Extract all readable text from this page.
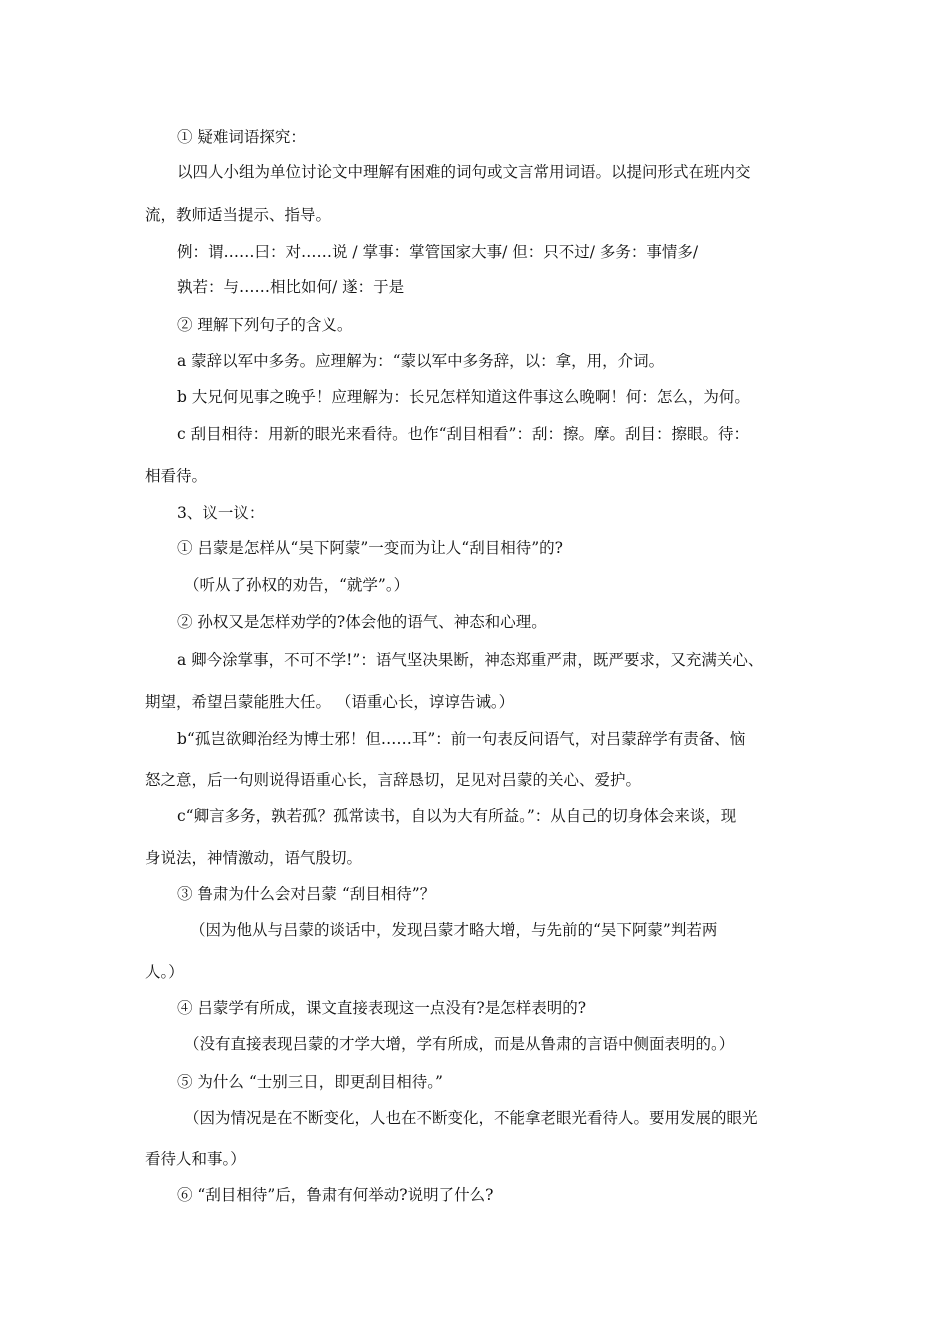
① 疑难词语探究：
以四人小组为单位讨论文中理解有困难的词句或文言常用词语。以提问形式在班内交
流，教师适当提示、指导。
例：谓……曰：对……说 / 掌事：掌管国家大事/ 但：只不过/ 多务：事情多/
孰若：与……相比如何/ 遂：于是
② 理解下列句子的含义。
a 蒙辞以军中多务。应理解为：“蒙以军中多务辞，以：拿，用，介词。
b 大兄何见事之晚乎！应理解为：长兄怎样知道这件事这么晚啊！何：怎么，为何。
c 刮目相待：用新的眼光来看待。也作“刮目相看”：刮：擦。摩。刮目：擦眼。待：
相看待。
3、议一议：
① 吕蒙是怎样从“吴下阿蒙”一变而为让人“刮目相待”的?
（听从了孙权的劝告，“就学”。）
② 孙权又是怎样劝学的?体会他的语气、神态和心理。
a 卿今涂掌事，不可不学!”：语气坚决果断，神态郑重严肃，既严要求，又充满关心、
期望，希望吕蒙能胜大任。 （语重心长，谆谆告诫。）
b“孤岂欲卿治经为博士邪！但……耳”：前一句表反问语气，对吕蒙辞学有责备、恼
怒之意，后一句则说得语重心长，言辞恳切，足见对吕蒙的关心、爱护。
c“卿言多务，孰若孤？孤常读书，自以为大有所益。”：从自己的切身体会来谈，现
身说法，神情激动，语气殷切。
③ 鲁肃为什么会对吕蒙 “刮目相待”？
（因为他从与吕蒙的谈话中，发现吕蒙才略大增，与先前的“吴下阿蒙”判若两
人。）
④ 吕蒙学有所成，课文直接表现这一点没有?是怎样表明的?
（没有直接表现吕蒙的才学大增，学有所成，而是从鲁肃的言语中侧面表明的。）
⑤ 为什么 “士别三日，即更刮目相待。”
（因为情况是在不断变化，人也在不断变化，不能拿老眼光看待人。要用发展的眼光
看待人和事。）
⑥ “刮目相待”后，鲁肃有何举动?说明了什么?
